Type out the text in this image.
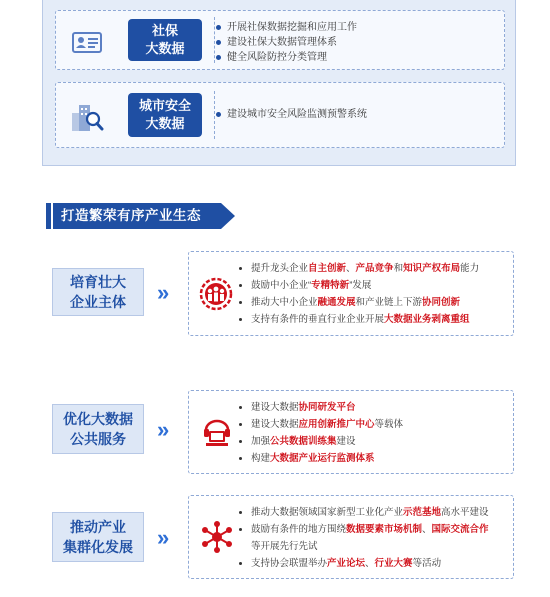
社保
大数据
开展社保数据挖掘和应用工作
建设社保大数据管理体系
健全风险防控分类管理
城市安全
大数据
建设城市安全风险监测预警系统
打造繁荣有序产业生态
培育壮大
企业主体 »
提升龙头企业自主创新、产品竞争和知识产权布局能力
鼓励中小企业“专精特新”发展
推动大中小企业融通发展和产业链上下游协同创新
支持有条件的垂直行业企业开展大数据业务剥离重组
优化大数据
公共服务 »
建设大数据协同研发平台
建设大数据应用创新推广中心等载体
加强公共数据训练集建设
构建大数据产业运行监测体系
推动产业
集群化发展 »
推动大数据领域国家新型工业化产业示范基地高水平建设
鼓励有条件的地方围绕数据要素市场机制、国际交流合作
等开展先行先试
支持协会联盟举办产业论坛、行业大赛等活动
